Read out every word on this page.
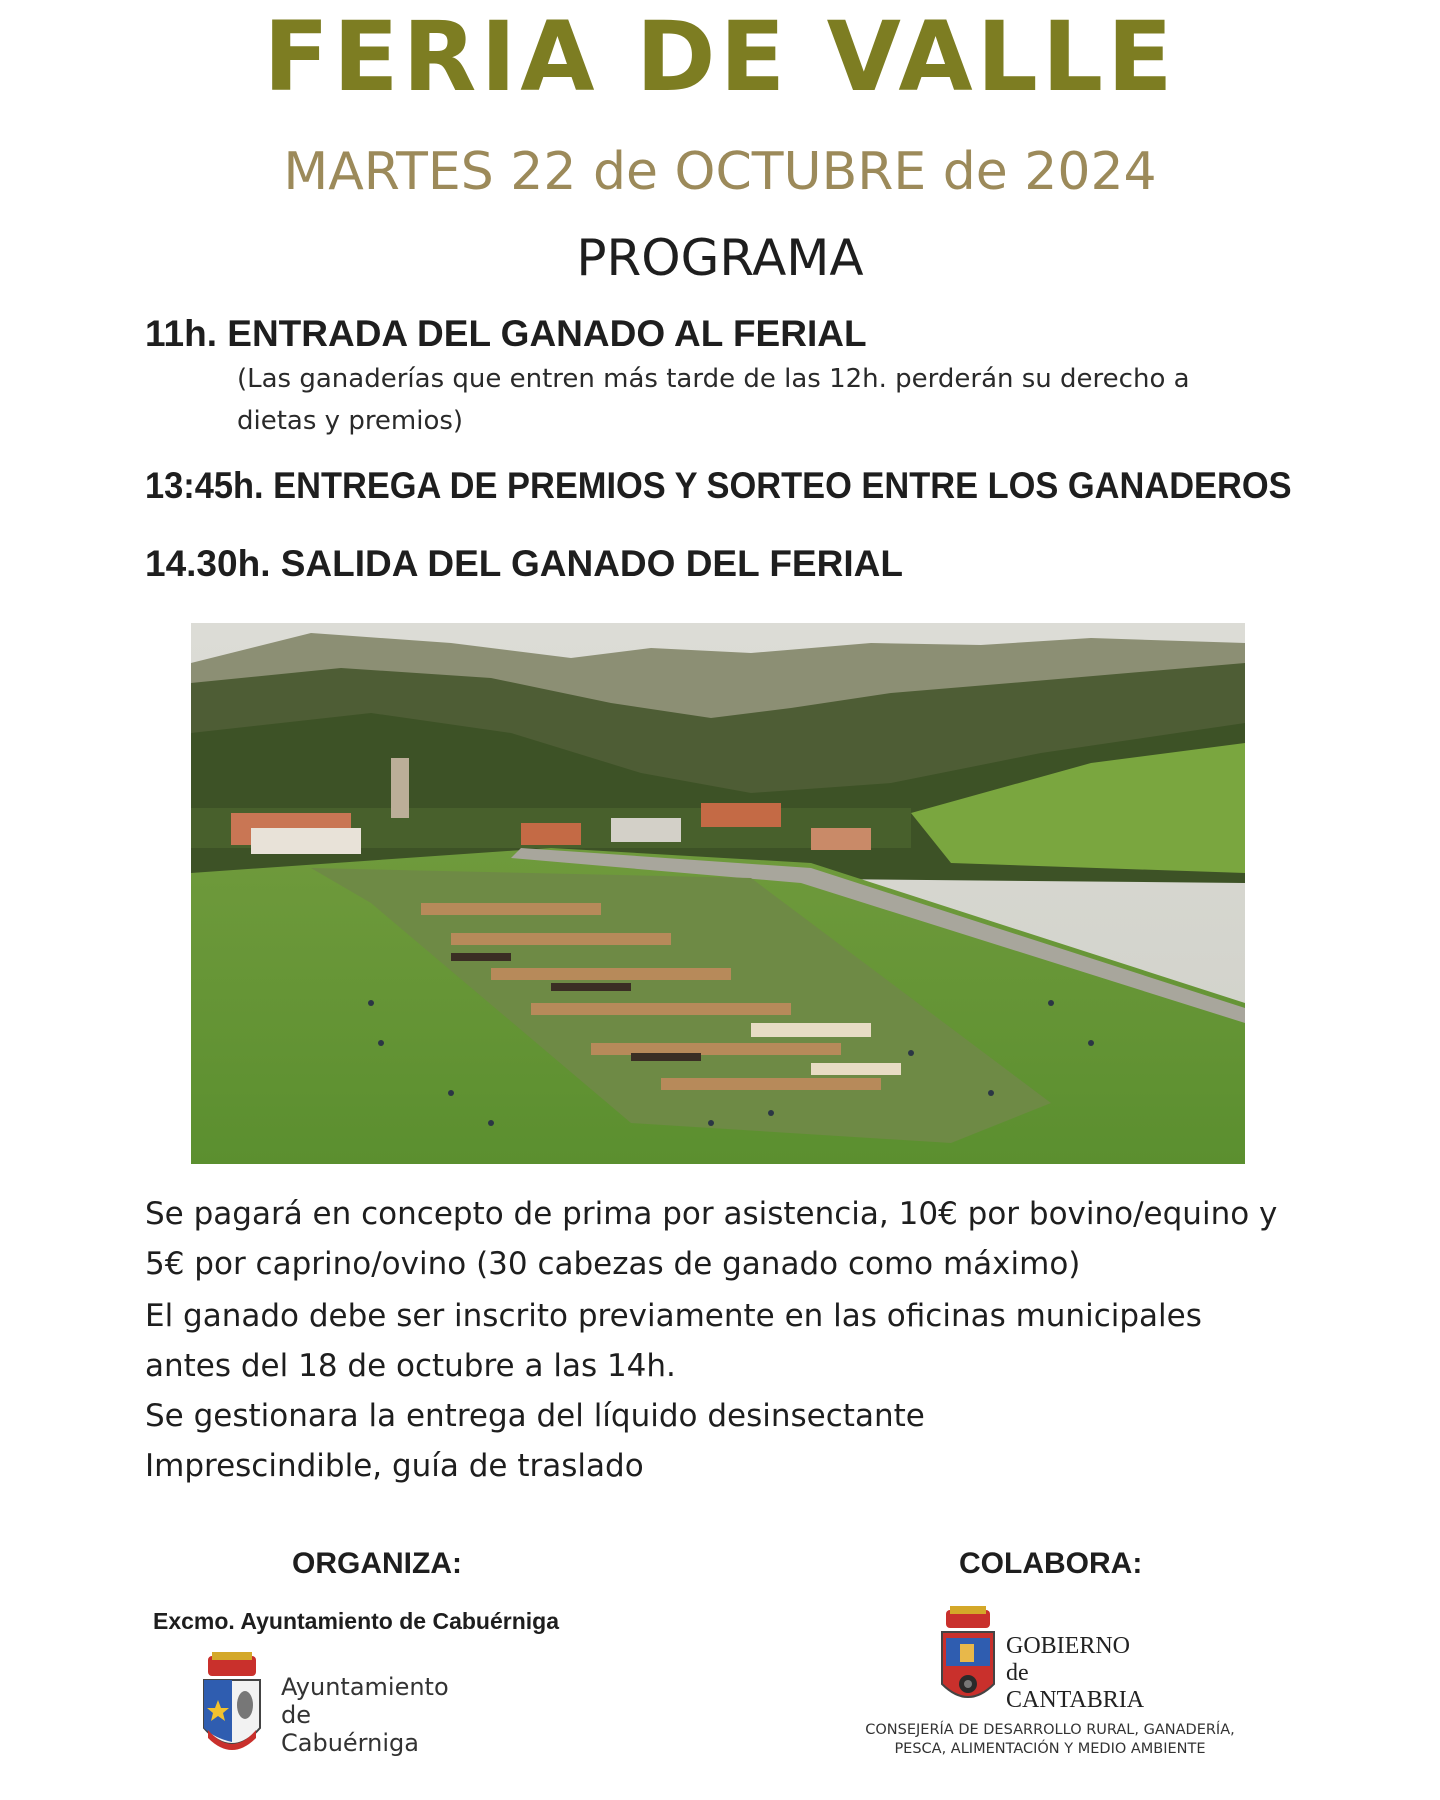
FERIA DE VALLE
MARTES 22 de OCTUBRE de 2024
PROGRAMA
11h. ENTRADA DEL GANADO AL FERIAL
(Las ganaderías que entren más tarde de las 12h. perderán su derecho a dietas y premios)
13:45h. ENTREGA DE PREMIOS Y SORTEO ENTRE LOS GANADEROS
14.30h. SALIDA DEL GANADO DEL FERIAL
Se pagará en concepto de prima por asistencia, 10€ por bovino/equino y
5€ por caprino/ovino (30 cabezas de ganado como máximo)
El ganado debe ser inscrito previamente en las oficinas municipales
antes del 18 de octubre a las 14h.
Se gestionara la entrega del líquido desinsectante
Imprescindible, guía de traslado
ORGANIZA:	COLABORA:
Excmo. Ayuntamiento de Cabuérniga
Ayuntamiento
de
Cabuérniga
GOBIERNO
de
CANTABRIA
CONSEJERÍA DE DESARROLLO RURAL, GANADERÍA,
PESCA, ALIMENTACIÓN Y MEDIO AMBIENTE
